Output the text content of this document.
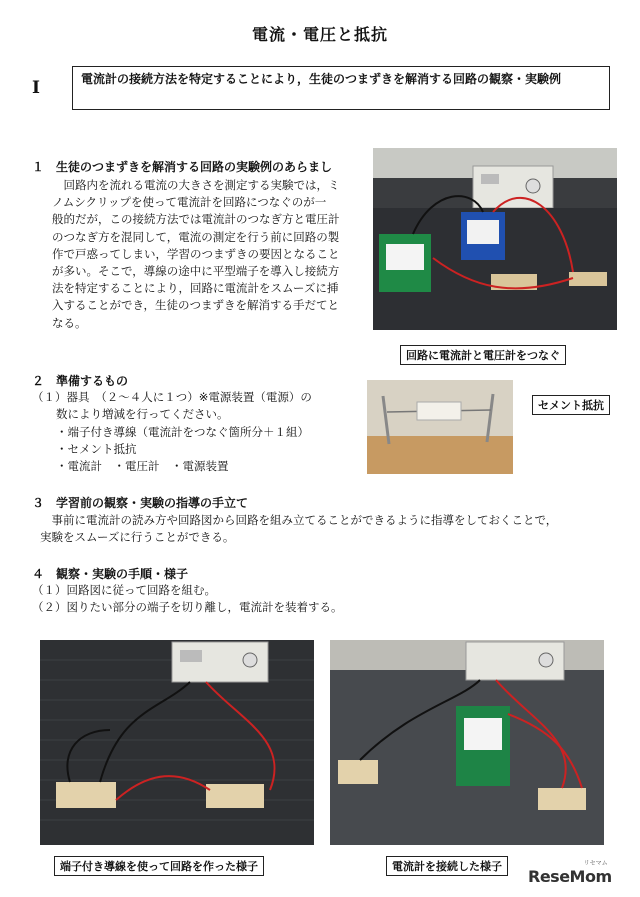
電流・電圧と抵抗
Ⅰ	電流計の接続方法を特定することにより，生徒のつまずきを解消する回路の観察・実験例
１　生徒のつまずきを解消する回路の実験例のあらまし
　回路内を流れる電流の大きさを測定する実験では，ミ
ノムシクリップを使って電流計を回路につなぐのが一
般的だが，この接続方法では電流計のつなぎ方と電圧計
のつなぎ方を混同して，電流の測定を行う前に回路の製
作で戸惑ってしまい，学習のつまずきの要因となること
が多い。そこで，導線の途中に平型端子を導入し接続方
法を特定することにより，回路に電流計をスムーズに挿
入することができ，生徒のつまずきを解消する手だてと
なる。
回路に電流計と電圧計をつなぐ
２　準備するもの
（１）器具　（２～４人に１つ）※電源装置（電源）の
数により増減を行ってください。
・端子付き導線（電流計をつなぐ箇所分＋１組）
・セメント抵抗
・電流計　・電圧計　・電源装置
セメント抵抗
３　学習前の観察・実験の指導の手立て
　事前に電流計の読み方や回路図から回路を組み立てることができるように指導をしておくことで，
実験をスムーズに行うことができる。
４　観察・実験の手順・様子
（１）回路図に従って回路を組む。
（２）図りたい部分の端子を切り離し，電流計を装着する。
端子付き導線を使って回路を作った様子	電流計を接続した様子	リセマム
ReseMom
